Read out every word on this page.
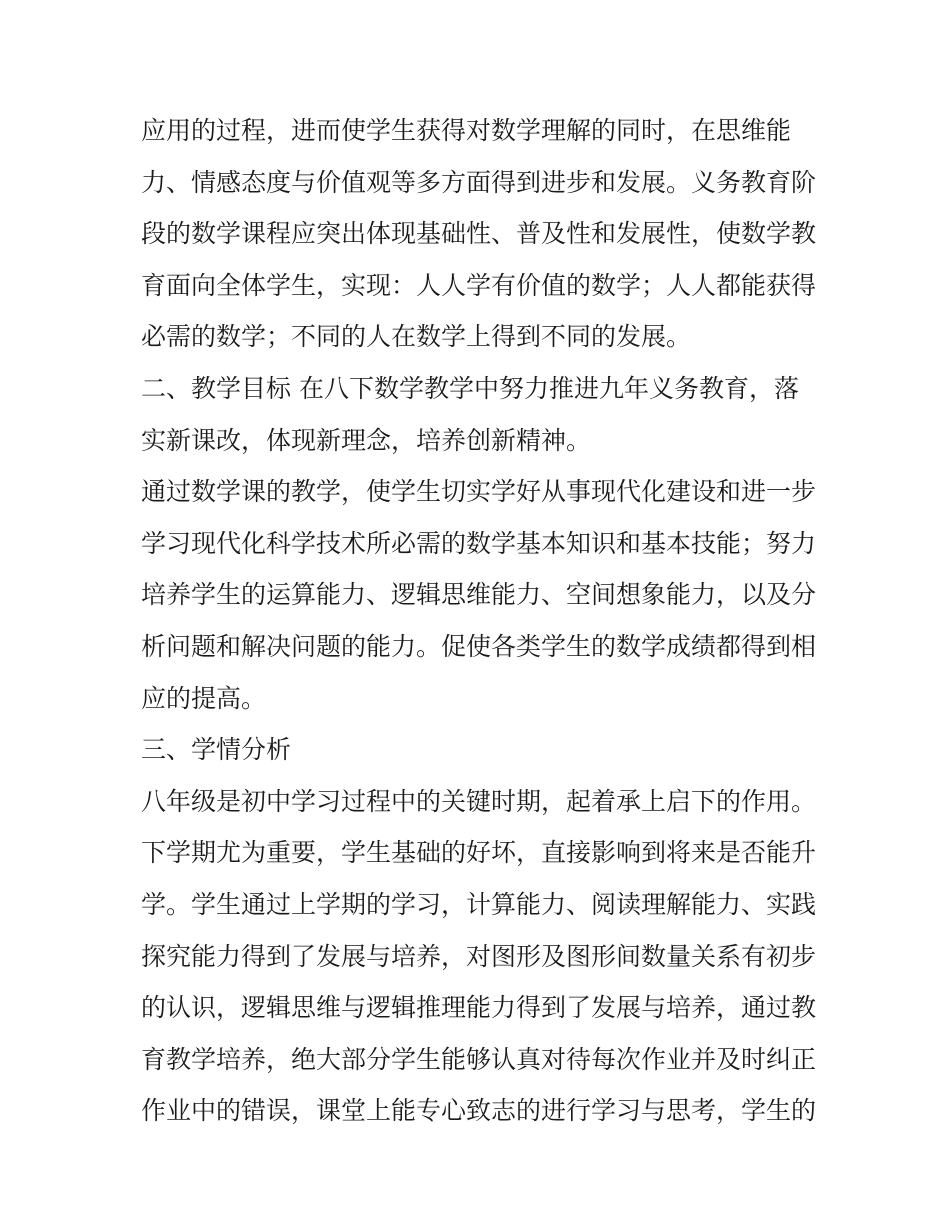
应用的过程，进而使学生获得对数学理解的同时，在思维能
力、情感态度与价值观等多方面得到进步和发展。义务教育阶
段的数学课程应突出体现基础性、普及性和发展性，使数学教
育面向全体学生，实现：人人学有价值的数学；人人都能获得
必需的数学；不同的人在数学上得到不同的发展。
二、教学目标 在八下数学教学中努力推进九年义务教育，落
实新课改，体现新理念，培养创新精神。
通过数学课的教学，使学生切实学好从事现代化建设和进一步
学习现代化科学技术所必需的数学基本知识和基本技能；努力
培养学生的运算能力、逻辑思维能力、空间想象能力，以及分
析问题和解决问题的能力。促使各类学生的数学成绩都得到相
应的提高。
三、学情分析
八年级是初中学习过程中的关键时期，起着承上启下的作用。
下学期尤为重要，学生基础的好坏，直接影响到将来是否能升
学。学生通过上学期的学习，计算能力、阅读理解能力、实践
探究能力得到了发展与培养，对图形及图形间数量关系有初步
的认识，逻辑思维与逻辑推理能力得到了发展与培养，通过教
育教学培养，绝大部分学生能够认真对待每次作业并及时纠正
作业中的错误，课堂上能专心致志的进行学习与思考，学生的
